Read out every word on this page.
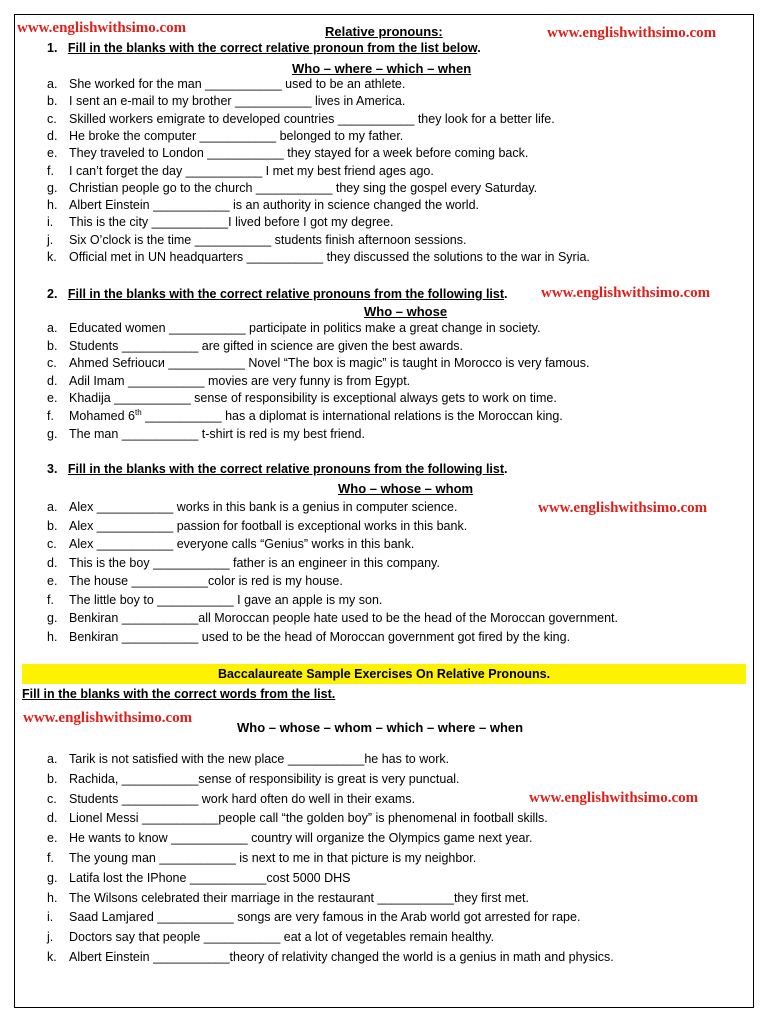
www.englishwithsimo.com	Relative pronouns:	www.englishwithsimo.com
1. Fill in the blanks with the correct relative pronoun from the list below.
Who – where – which – when
a. She worked for the man ___________ used to be an athlete.
b. I sent an e-mail to my brother ___________ lives in America.
c. Skilled workers emigrate to developed countries ___________ they look for a better life.
d. He broke the computer ___________ belonged to my father.
e. They traveled to London ___________ they stayed for a week before coming back.
f. I can’t forget the day ___________ I met my best friend ages ago.
g. Christian people go to the church ___________ they sing the gospel every Saturday.
h. Albert Einstein ___________ is an authority in science changed the world.
i. This is the city ___________I lived before I got my degree.
j. Six O’clock is the time ___________ students finish afternoon sessions.
k. Official met in UN headquarters ___________ they discussed the solutions to the war in Syria.
2. Fill in the blanks with the correct relative pronouns from the following list. www.englishwithsimo.com
Who – whose
a. Educated women ___________ participate in politics make a great change in society.
b. Students ___________ are gifted in science are given the best awards.
c. Ahmed Sefriouси ___________ Novel “The box is magic” is taught in Morocco is very famous.
d. Adil Imam ___________ movies are very funny is from Egypt.
e. Khadija ___________ sense of responsibility is exceptional always gets to work on time.
f. Mohamed 6th ___________ has a diplomat is international relations is the Moroccan king.
g. The man ___________ t-shirt is red is my best friend.
3. Fill in the blanks with the correct relative pronouns from the following list.
Who – whose – whom
www.englishwithsimo.com
a. Alex ___________ works in this bank is a genius in computer science.
b. Alex ___________ passion for football is exceptional works in this bank.
c. Alex ___________ everyone calls “Genius” works in this bank.
d. This is the boy ___________ father is an engineer in this company.
e. The house ___________color is red is my house.
f. The little boy to ___________ I gave an apple is my son.
g. Benkiran ___________all Moroccan people hate used to be the head of the Moroccan government.
h. Benkiran ___________ used to be the head of Moroccan government got fired by the king.
Baccalaureate Sample Exercises On Relative Pronouns.
Fill in the blanks with the correct words from the list.
www.englishwithsimo.com
Who – whose – whom – which – where – when
www.englishwithsimo.com
a. Tarik is not satisfied with the new place ___________he has to work.
b. Rachida, ___________sense of responsibility is great is very punctual.
c. Students ___________ work hard often do well in their exams.
d. Lionel Messi ___________people call “the golden boy” is phenomenal in football skills.
e. He wants to know ___________ country will organize the Olympics game next year.
f. The young man ___________ is next to me in that picture is my neighbor.
g. Latifa lost the IPhone ___________cost 5000 DHS
h. The Wilsons celebrated their marriage in the restaurant ___________they first met.
i. Saad Lamjared ___________ songs are very famous in the Arab world got arrested for rape.
j. Doctors say that people ___________ eat a lot of vegetables remain healthy.
k. Albert Einstein ___________theory of relativity changed the world is a genius in math and physics.
